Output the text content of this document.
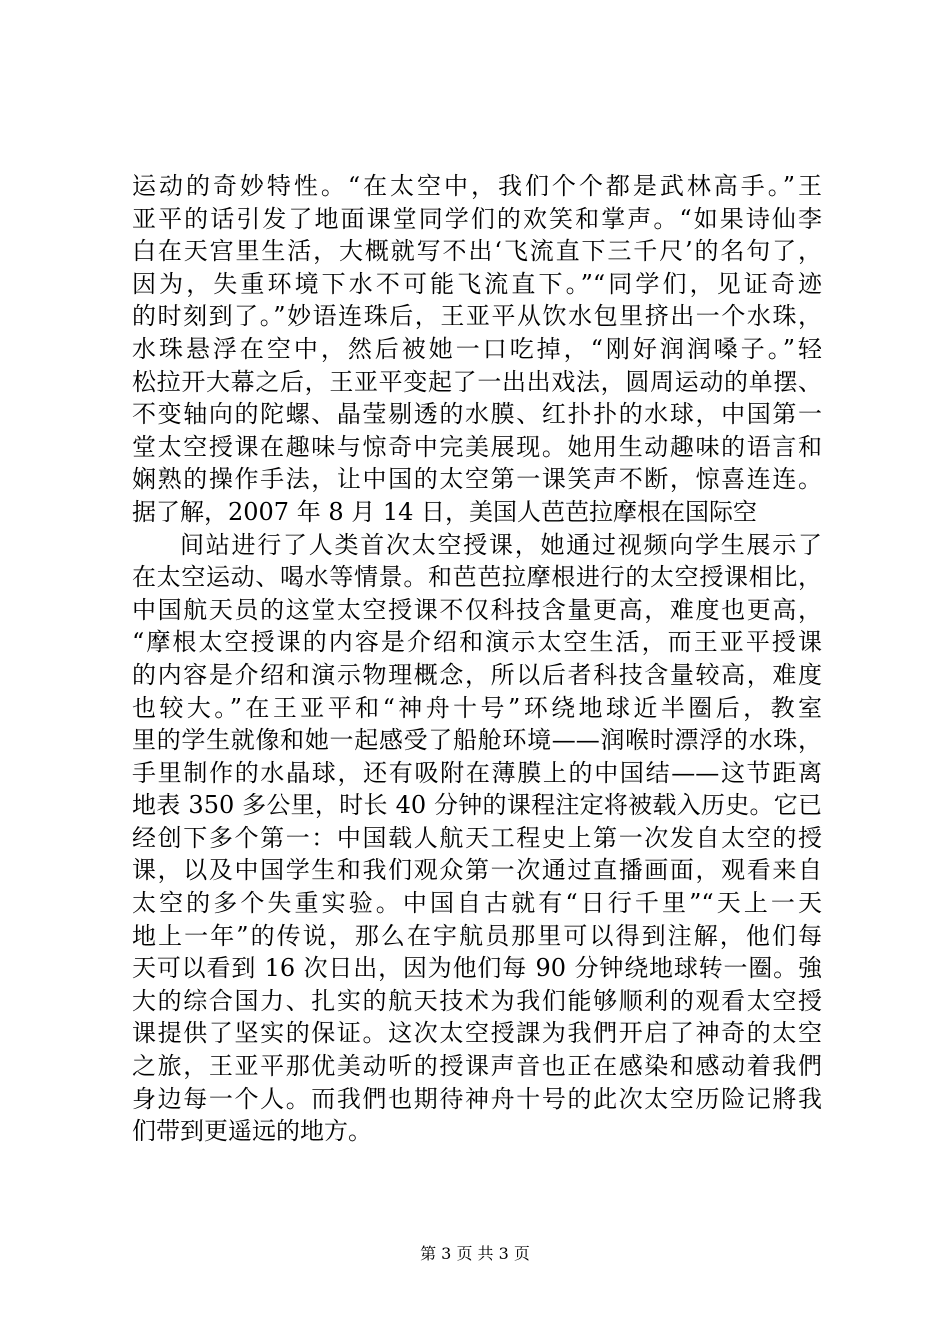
运动的奇妙特性。“在太空中，我们个个都是武林高手。”王
亚平的话引发了地面课堂同学们的欢笑和掌声。“如果诗仙李
白在天宫里生活，大概就写不出‘飞流直下三千尺’的名句了，
因为，失重环境下水不可能飞流直下。”“同学们，见证奇迹
的时刻到了。”妙语连珠后，王亚平从饮水包里挤出一个水珠，
水珠悬浮在空中，然后被她一口吃掉，“刚好润润嗓子。”轻
松拉开大幕之后，王亚平变起了一出出戏法，圆周运动的单摆、
不变轴向的陀螺、晶莹剔透的水膜、红扑扑的水球，中国第一
堂太空授课在趣味与惊奇中完美展现。她用生动趣味的语言和
娴熟的操作手法，让中国的太空第一课笑声不断，惊喜连连。
据了解，2007 年 8 月 14 日，美国人芭芭拉摩根在国际空
间站进行了人类首次太空授课，她通过视频向学生展示了
在太空运动、喝水等情景。和芭芭拉摩根进行的太空授课相比，
中国航天员的这堂太空授课不仅科技含量更高，难度也更高，
“摩根太空授课的内容是介绍和演示太空生活，而王亚平授课
的内容是介绍和演示物理概念，所以后者科技含量较高，难度
也较大。”在王亚平和“神舟十号”环绕地球近半圈后，教室
里的学生就像和她一起感受了船舱环境——润喉时漂浮的水珠，
手里制作的水晶球，还有吸附在薄膜上的中国结——这节距离
地表 350 多公里，时长 40 分钟的课程注定将被载入历史。它已
经创下多个第一：中国载人航天工程史上第一次发自太空的授
课，以及中国学生和我们观众第一次通过直播画面，观看来自
太空的多个失重实验。中国自古就有“日行千里”“天上一天
地上一年”的传说，那么在宇航员那里可以得到注解，他们每
天可以看到 16 次日出，因为他们每 90 分钟绕地球转一圈。強
大的综合国力、扎实的航天技术为我们能够顺利的观看太空授
课提供了坚实的保证。这次太空授課为我們开启了神奇的太空
之旅，王亚平那优美动听的授课声音也正在感染和感动着我們
身边每一个人。而我們也期待神舟十号的此次太空历险记將我
们带到更遥远的地方。
第 3 页 共 3 页
